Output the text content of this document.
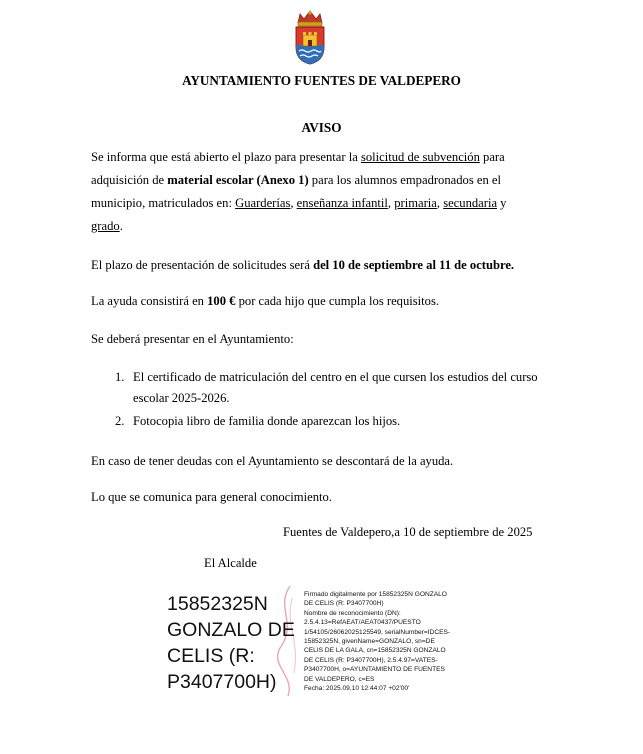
AYUNTAMIENTO FUENTES DE VALDEPERO
AVISO

Se informa que está abierto el plazo para presentar la solicitud de subvención para adquisición de material escolar (Anexo 1) para los alumnos empadronados en el municipio, matriculados en: Guarderías, enseñanza infantil, primaria, secundaria y grado.

El plazo de presentación de solicitudes será del 10 de septiembre al 11 de octubre.

La ayuda consistirá en 100 € por cada hijo que cumpla los requisitos.

Se deberá presentar en el Ayuntamiento:

1. El certificado de matriculación del centro en el que cursen los estudios del curso escolar 2025-2026.
2. Fotocopia libro de familia donde aparezcan los hijos.

En caso de tener deudas con el Ayuntamiento se descontará de la ayuda.

Lo que se comunica para general conocimiento.

Fuentes de Valdepero,a 10 de septiembre de 2025
El Alcalde
15852325N GONZALO DE CELIS (R: P3407700H)
Firmado digitalmente por 15852325N GONZALO DE CELIS (R: P3407700H)
Nombre de reconocimiento (DN): 2.5.4.13=RefAEAT/AEAT0437/PUESTO 1/54105/26062025125549, serialNumber=IDCES-15852325N, givenName=GONZALO, sn=DE CELIS DE LA GALA, cn=15852325N GONZALO DE CELIS (R: P3407700H), 2.5.4.97=VATES-P3407700H, o=AYUNTAMIENTO DE FUENTES DE VALDEPERO, c=ES
Fecha: 2025.09.10 12:44:07 +02'00'
